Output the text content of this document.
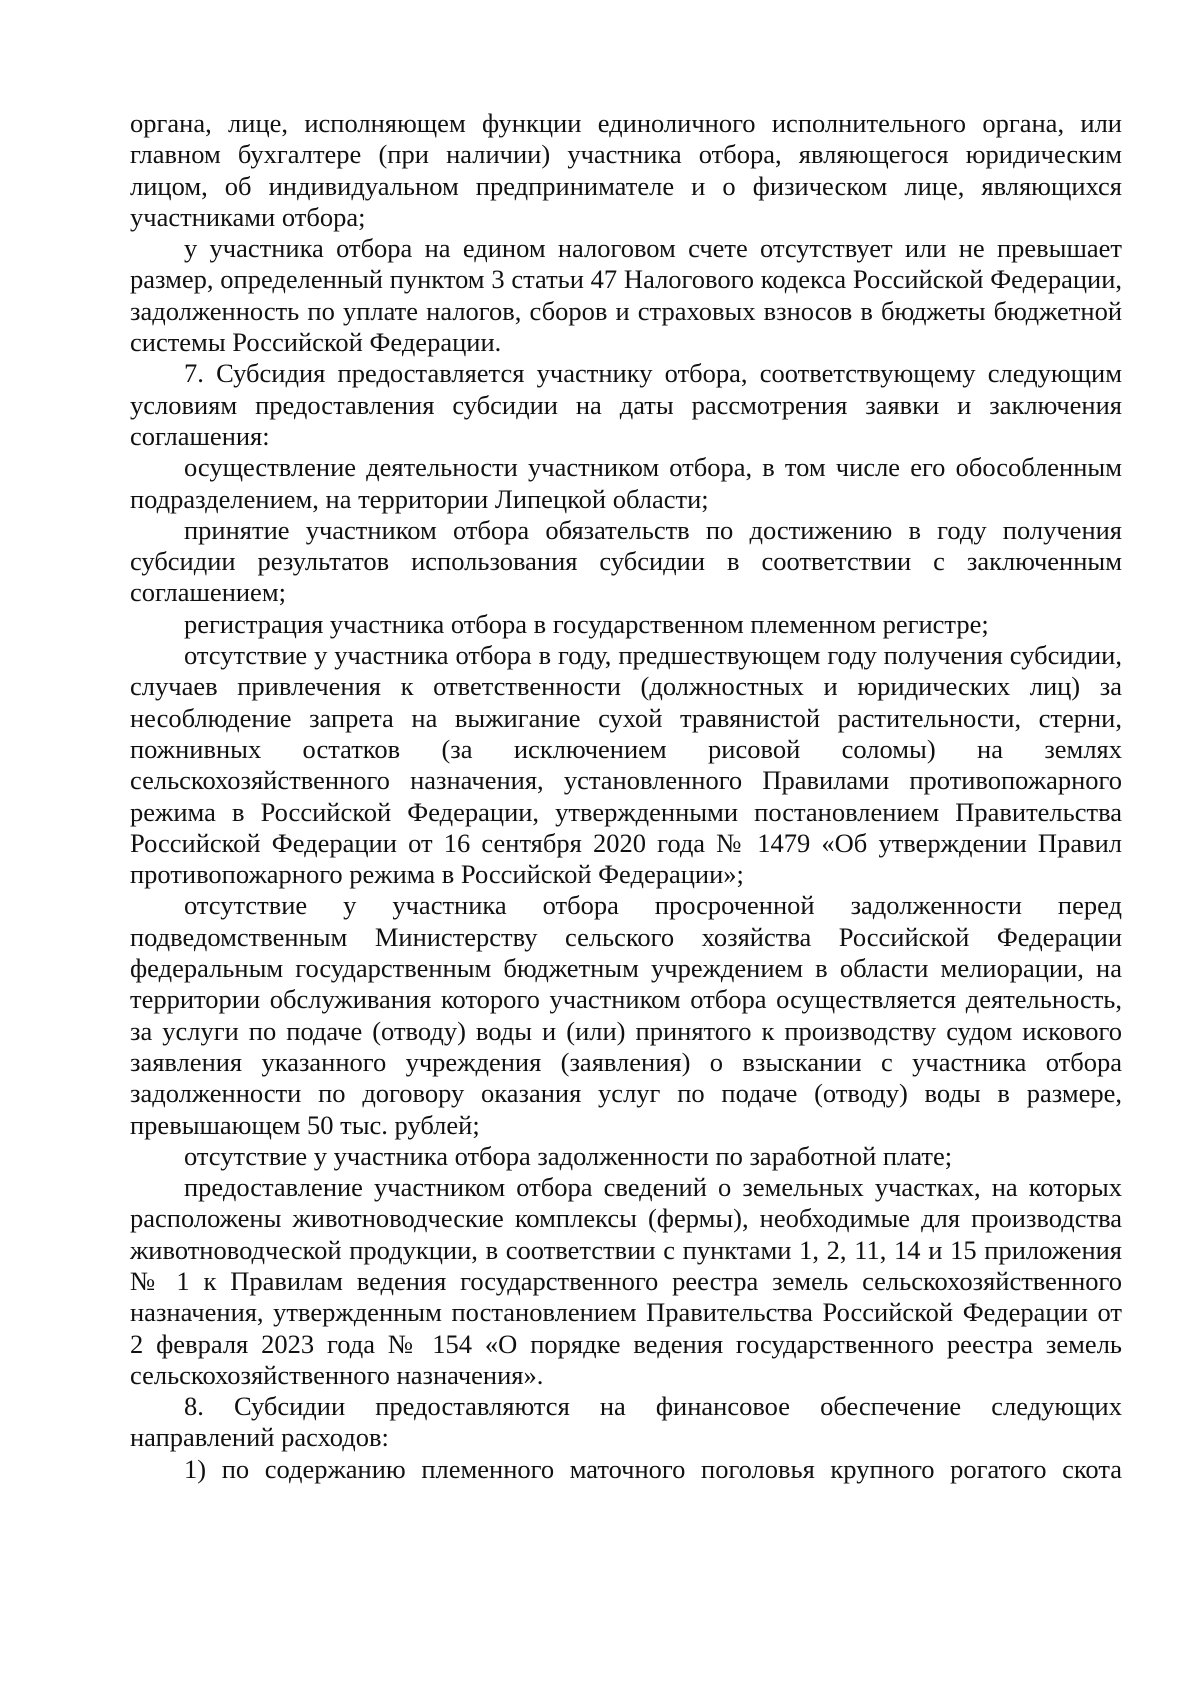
органа, лице, исполняющем функции единоличного исполнительного органа, или главном бухгалтере (при наличии) участника отбора, являющегося юридическим лицом, об индивидуальном предпринимателе и о физическом лице, являющихся участниками отбора;

у участника отбора на едином налоговом счете отсутствует или не превышает размер, определенный пунктом 3 статьи 47 Налогового кодекса Российской Федерации, задолженность по уплате налогов, сборов и страховых взносов в бюджеты бюджетной системы Российской Федерации.

7. Субсидия предоставляется участнику отбора, соответствующему следующим условиям предоставления субсидии на даты рассмотрения заявки и заключения соглашения:

осуществление деятельности участником отбора, в том числе его обособленным подразделением, на территории Липецкой области;

принятие участником отбора обязательств по достижению в году получения субсидии результатов использования субсидии в соответствии с заключенным соглашением;

регистрация участника отбора в государственном племенном регистре;

отсутствие у участника отбора в году, предшествующем году получения субсидии, случаев привлечения к ответственности (должностных и юридических лиц) за несоблюдение запрета на выжигание сухой травянистой растительности, стерни, пожнивных остатков (за исключением рисовой соломы) на землях сельскохозяйственного назначения, установленного Правилами противопожарного режима в Российской Федерации, утвержденными постановлением Правительства Российской Федерации от 16 сентября 2020 года № 1479 «Об утверждении Правил противопожарного режима в Российской Федерации»;

отсутствие у участника отбора просроченной задолженности перед подведомственным Министерству сельского хозяйства Российской Федерации федеральным государственным бюджетным учреждением в области мелиорации, на территории обслуживания которого участником отбора осуществляется деятельность, за услуги по подаче (отводу) воды и (или) принятого к производству судом искового заявления указанного учреждения (заявления) о взыскании с участника отбора задолженности по договору оказания услуг по подаче (отводу) воды в размере, превышающем 50 тыс. рублей;

отсутствие у участника отбора задолженности по заработной плате;

предоставление участником отбора сведений о земельных участках, на которых расположены животноводческие комплексы (фермы), необходимые для производства животноводческой продукции, в соответствии с пунктами 1, 2, 11, 14 и 15 приложения № 1 к Правилам ведения государственного реестра земель сельскохозяйственного назначения, утвержденным постановлением Правительства Российской Федерации от 2 февраля 2023 года № 154 «О порядке ведения государственного реестра земель сельскохозяйственного назначения».

8. Субсидии предоставляются на финансовое обеспечение следующих направлений расходов:

1) по содержанию племенного маточного поголовья крупного рогатого скота
